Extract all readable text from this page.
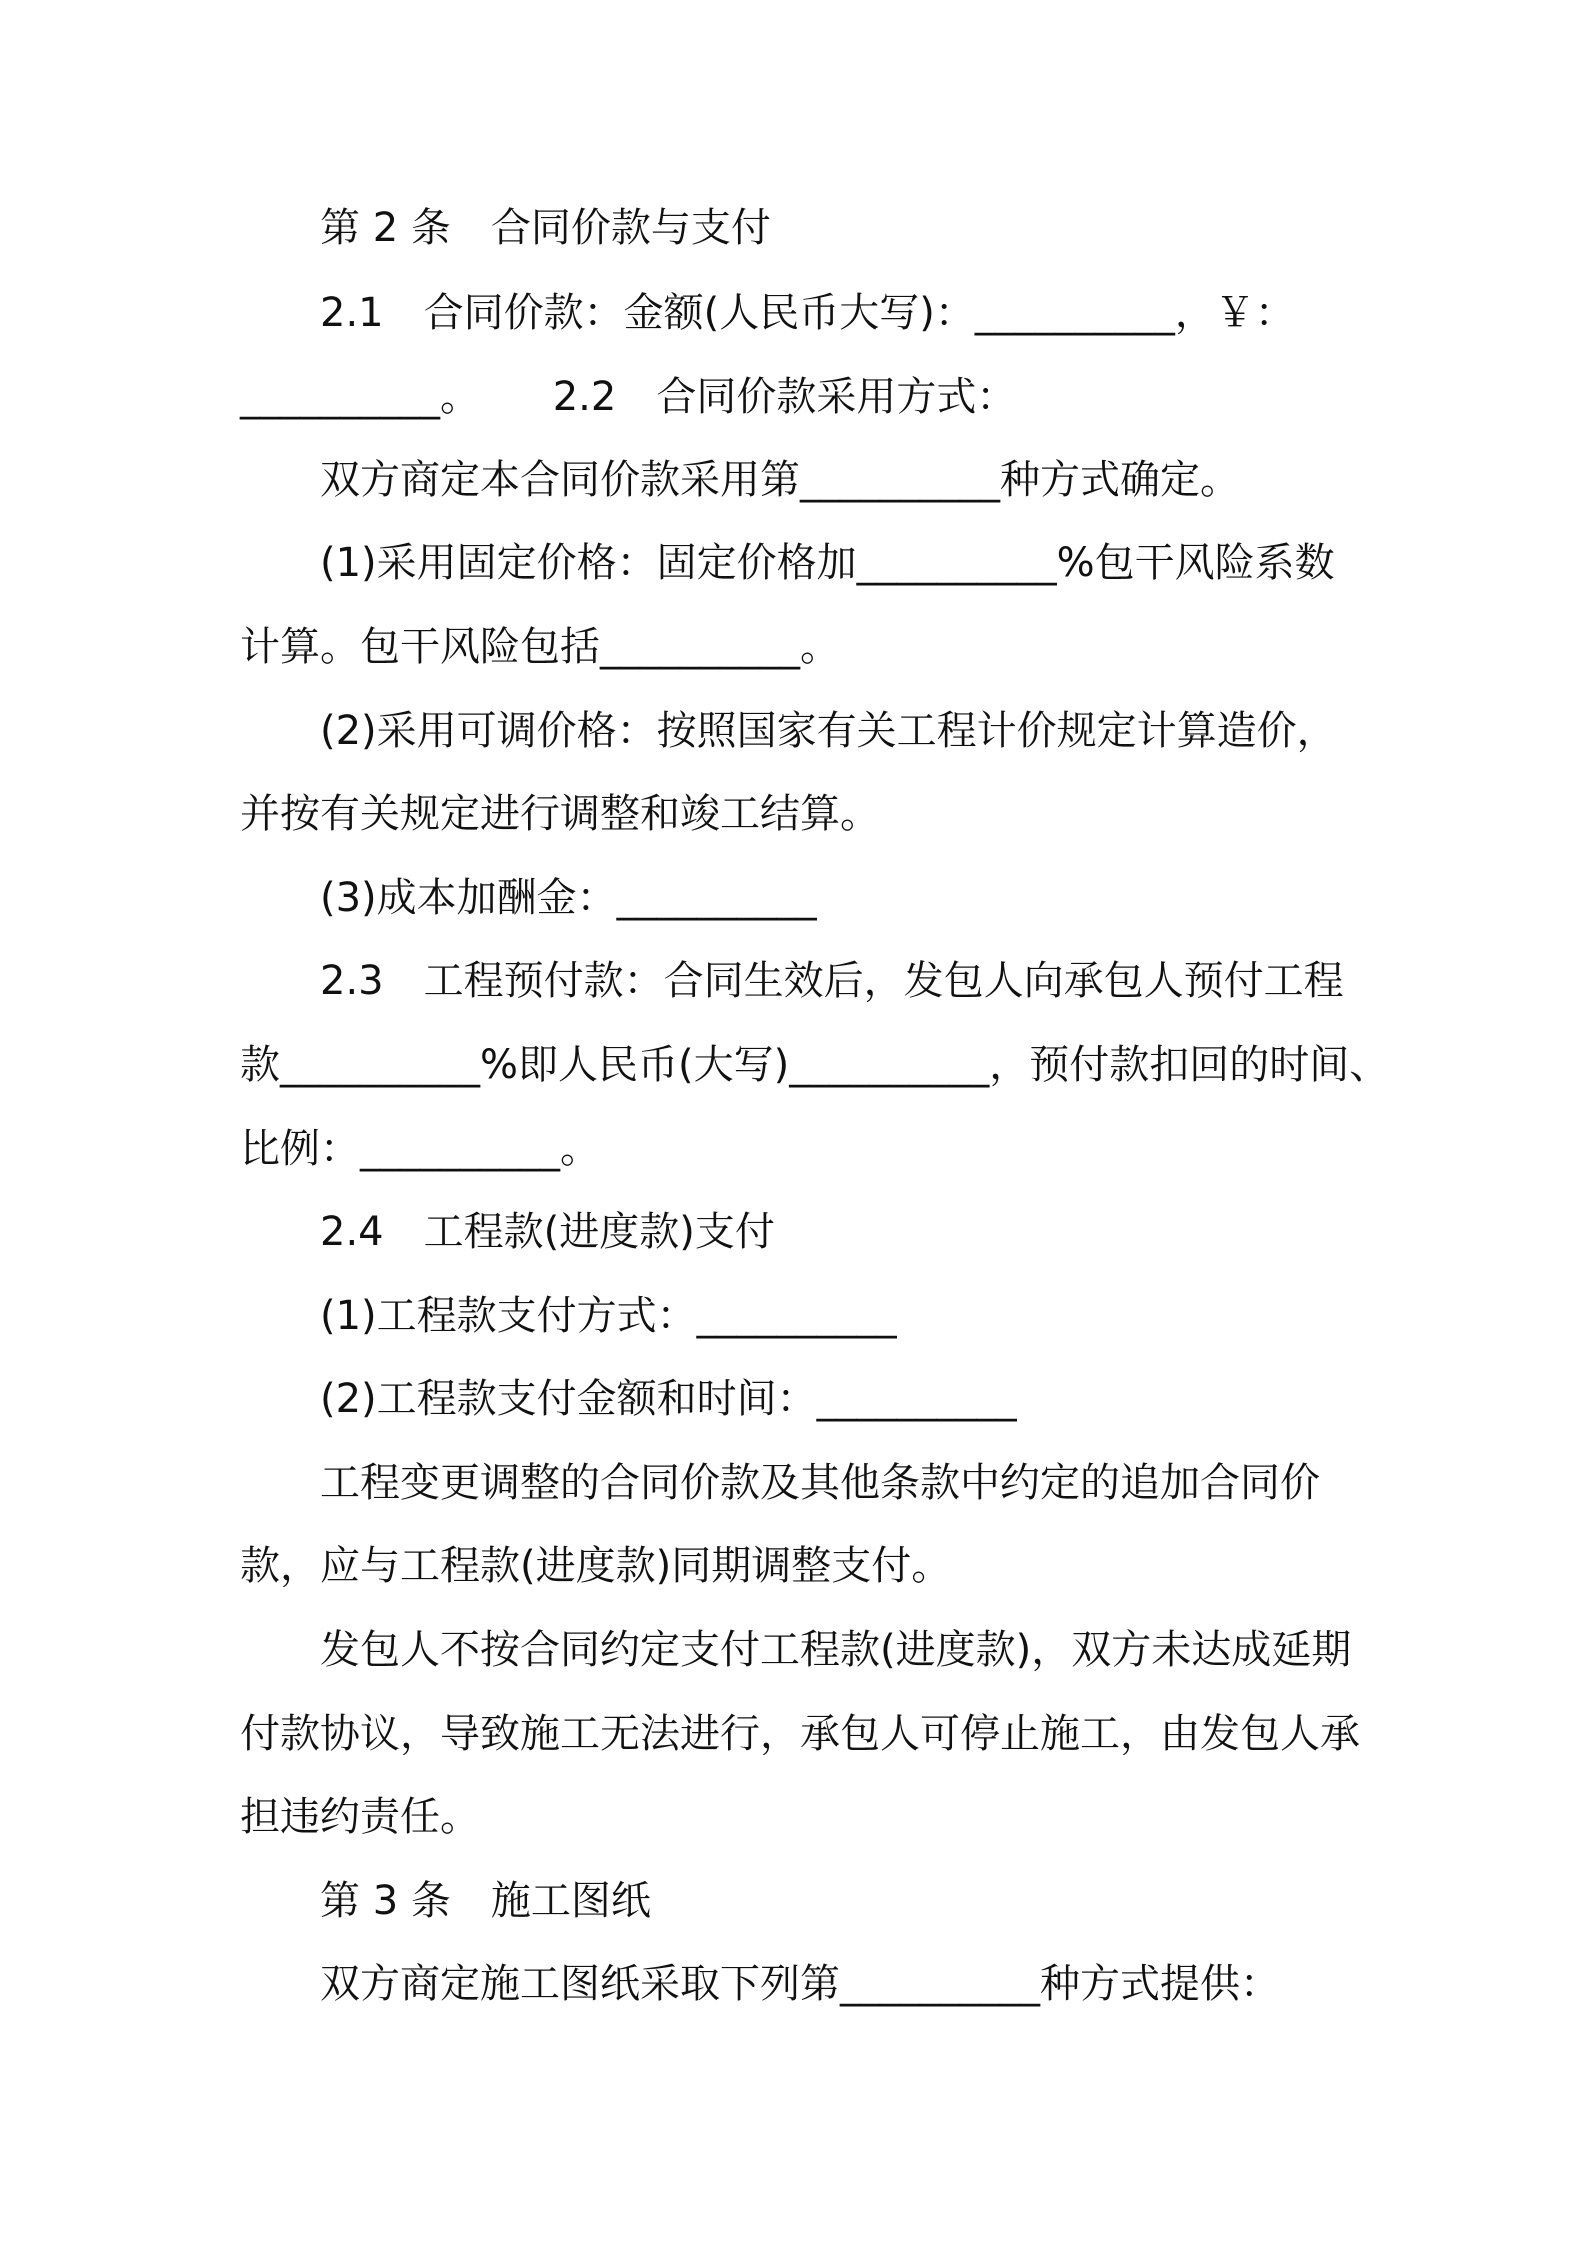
第 2 条　合同价款与支付
2.1　合同价款：金额(人民币大写)：__________，￥：
__________。　　 2.2　合同价款采用方式：
双方商定本合同价款采用第__________种方式确定。
(1)采用固定价格：固定价格加__________%包干风险系数
计算。包干风险包括__________。
(2)采用可调价格：按照国家有关工程计价规定计算造价，
并按有关规定进行调整和竣工结算。
(3)成本加酬金：__________
2.3　工程预付款：合同生效后，发包人向承包人预付工程
款__________%即人民币(大写)__________，预付款扣回的时间、
比例：__________。
2.4　工程款(进度款)支付
(1)工程款支付方式：__________
(2)工程款支付金额和时间：__________
工程变更调整的合同价款及其他条款中约定的追加合同价
款，应与工程款(进度款)同期调整支付。
发包人不按合同约定支付工程款(进度款)，双方未达成延期
付款协议，导致施工无法进行，承包人可停止施工，由发包人承
担违约责任。
第 3 条　施工图纸
双方商定施工图纸采取下列第__________种方式提供：
